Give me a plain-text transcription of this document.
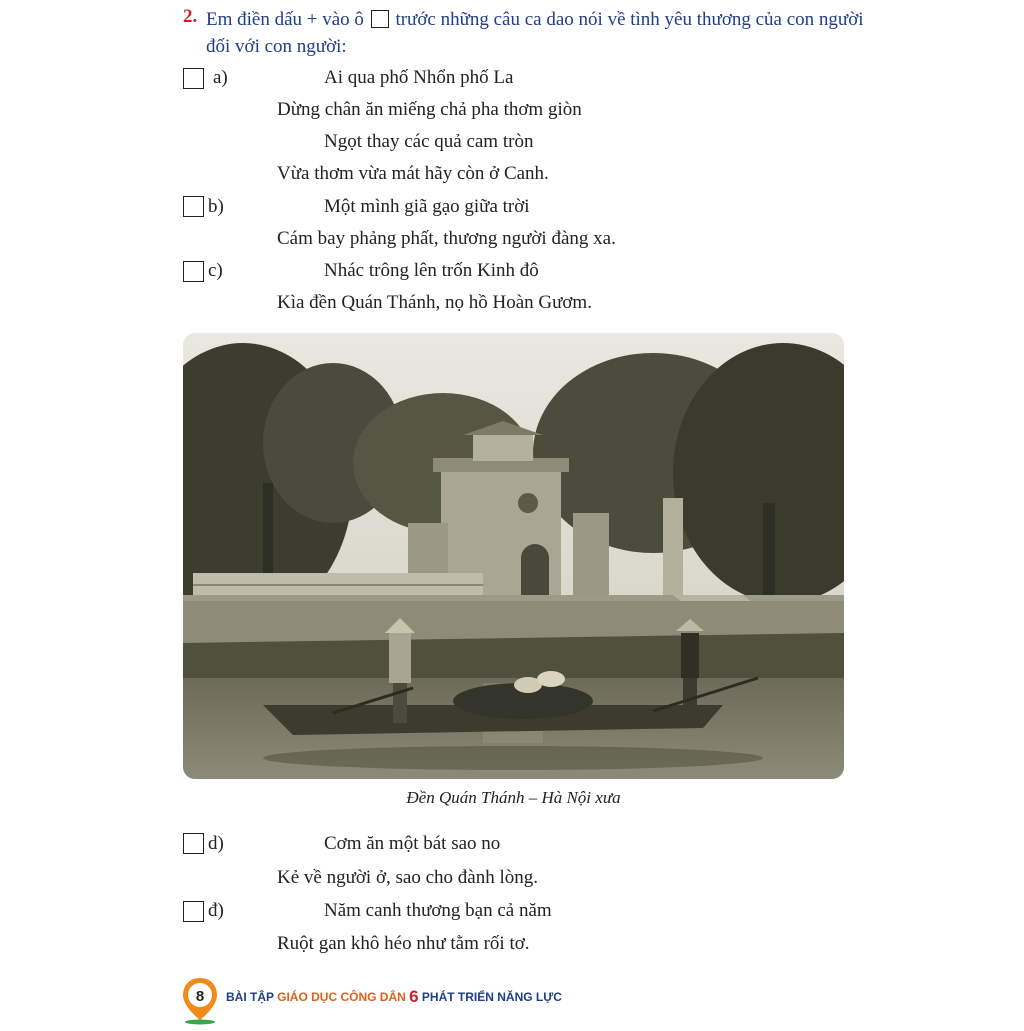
2. Em điền dấu + vào ô trước những câu ca dao nói về tình yêu thương của con người đối với con người:
a)	Ai qua phố Nhổn phố La
Dừng chân ăn miếng chả pha thơm giòn
Ngọt thay các quả cam tròn
Vừa thơm vừa mát hãy còn ở Canh.
b)	Một mình giã gạo giữa trời
Cám bay phảng phất, thương người đàng xa.
c)	Nhác trông lên trốn Kinh đô
Kìa đền Quán Thánh, nọ hồ Hoàn Gươm.
Đền Quán Thánh – Hà Nội xưa
d)	Cơm ăn một bát sao no
Kẻ về người ở, sao cho đành lòng.
đ)	Năm canh thương bạn cả năm
Ruột gan khô héo như tằm rối tơ.
8 BÀI TẬP GIÁO DỤC CÔNG DÂN 6 PHÁT TRIỂN NĂNG LỰC
